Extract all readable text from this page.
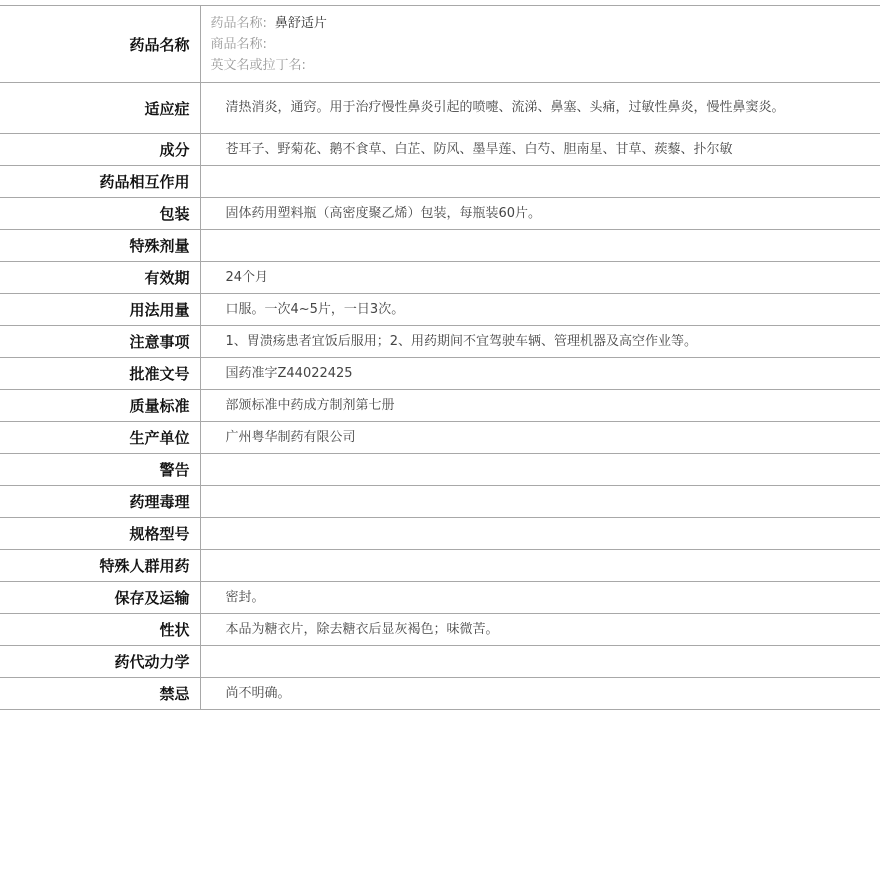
药品名称	药品名称: 鼻舒适片
商品名称:
英文名或拉丁名:

适应症	清热消炎，通窍。用于治疗慢性鼻炎引起的喷嚏、流涕、鼻塞、头痛，过敏性鼻炎，慢性鼻窦炎。
成分	苍耳子、野菊花、鹅不食草、白芷、防风、墨旱莲、白芍、胆南星、甘草、蒺藜、扑尔敏
药品相互作用	
包装	固体药用塑料瓶（高密度聚乙烯）包装，每瓶装60片。
特殊剂量	
有效期	24个月
用法用量	口服。一次4~5片，一日3次。
注意事项	1、胃溃疡患者宜饭后服用；2、用药期间不宜驾驶车辆、管理机器及高空作业等。
批准文号	国药准字Z44022425
质量标准	部颁标准中药成方制剂第七册
生产单位	广州粤华制药有限公司
警告	
药理毒理	
规格型号	
特殊人群用药	
保存及运输	密封。
性状	本品为糖衣片，除去糖衣后显灰褐色；味微苦。
药代动力学	
禁忌	尚不明确。
